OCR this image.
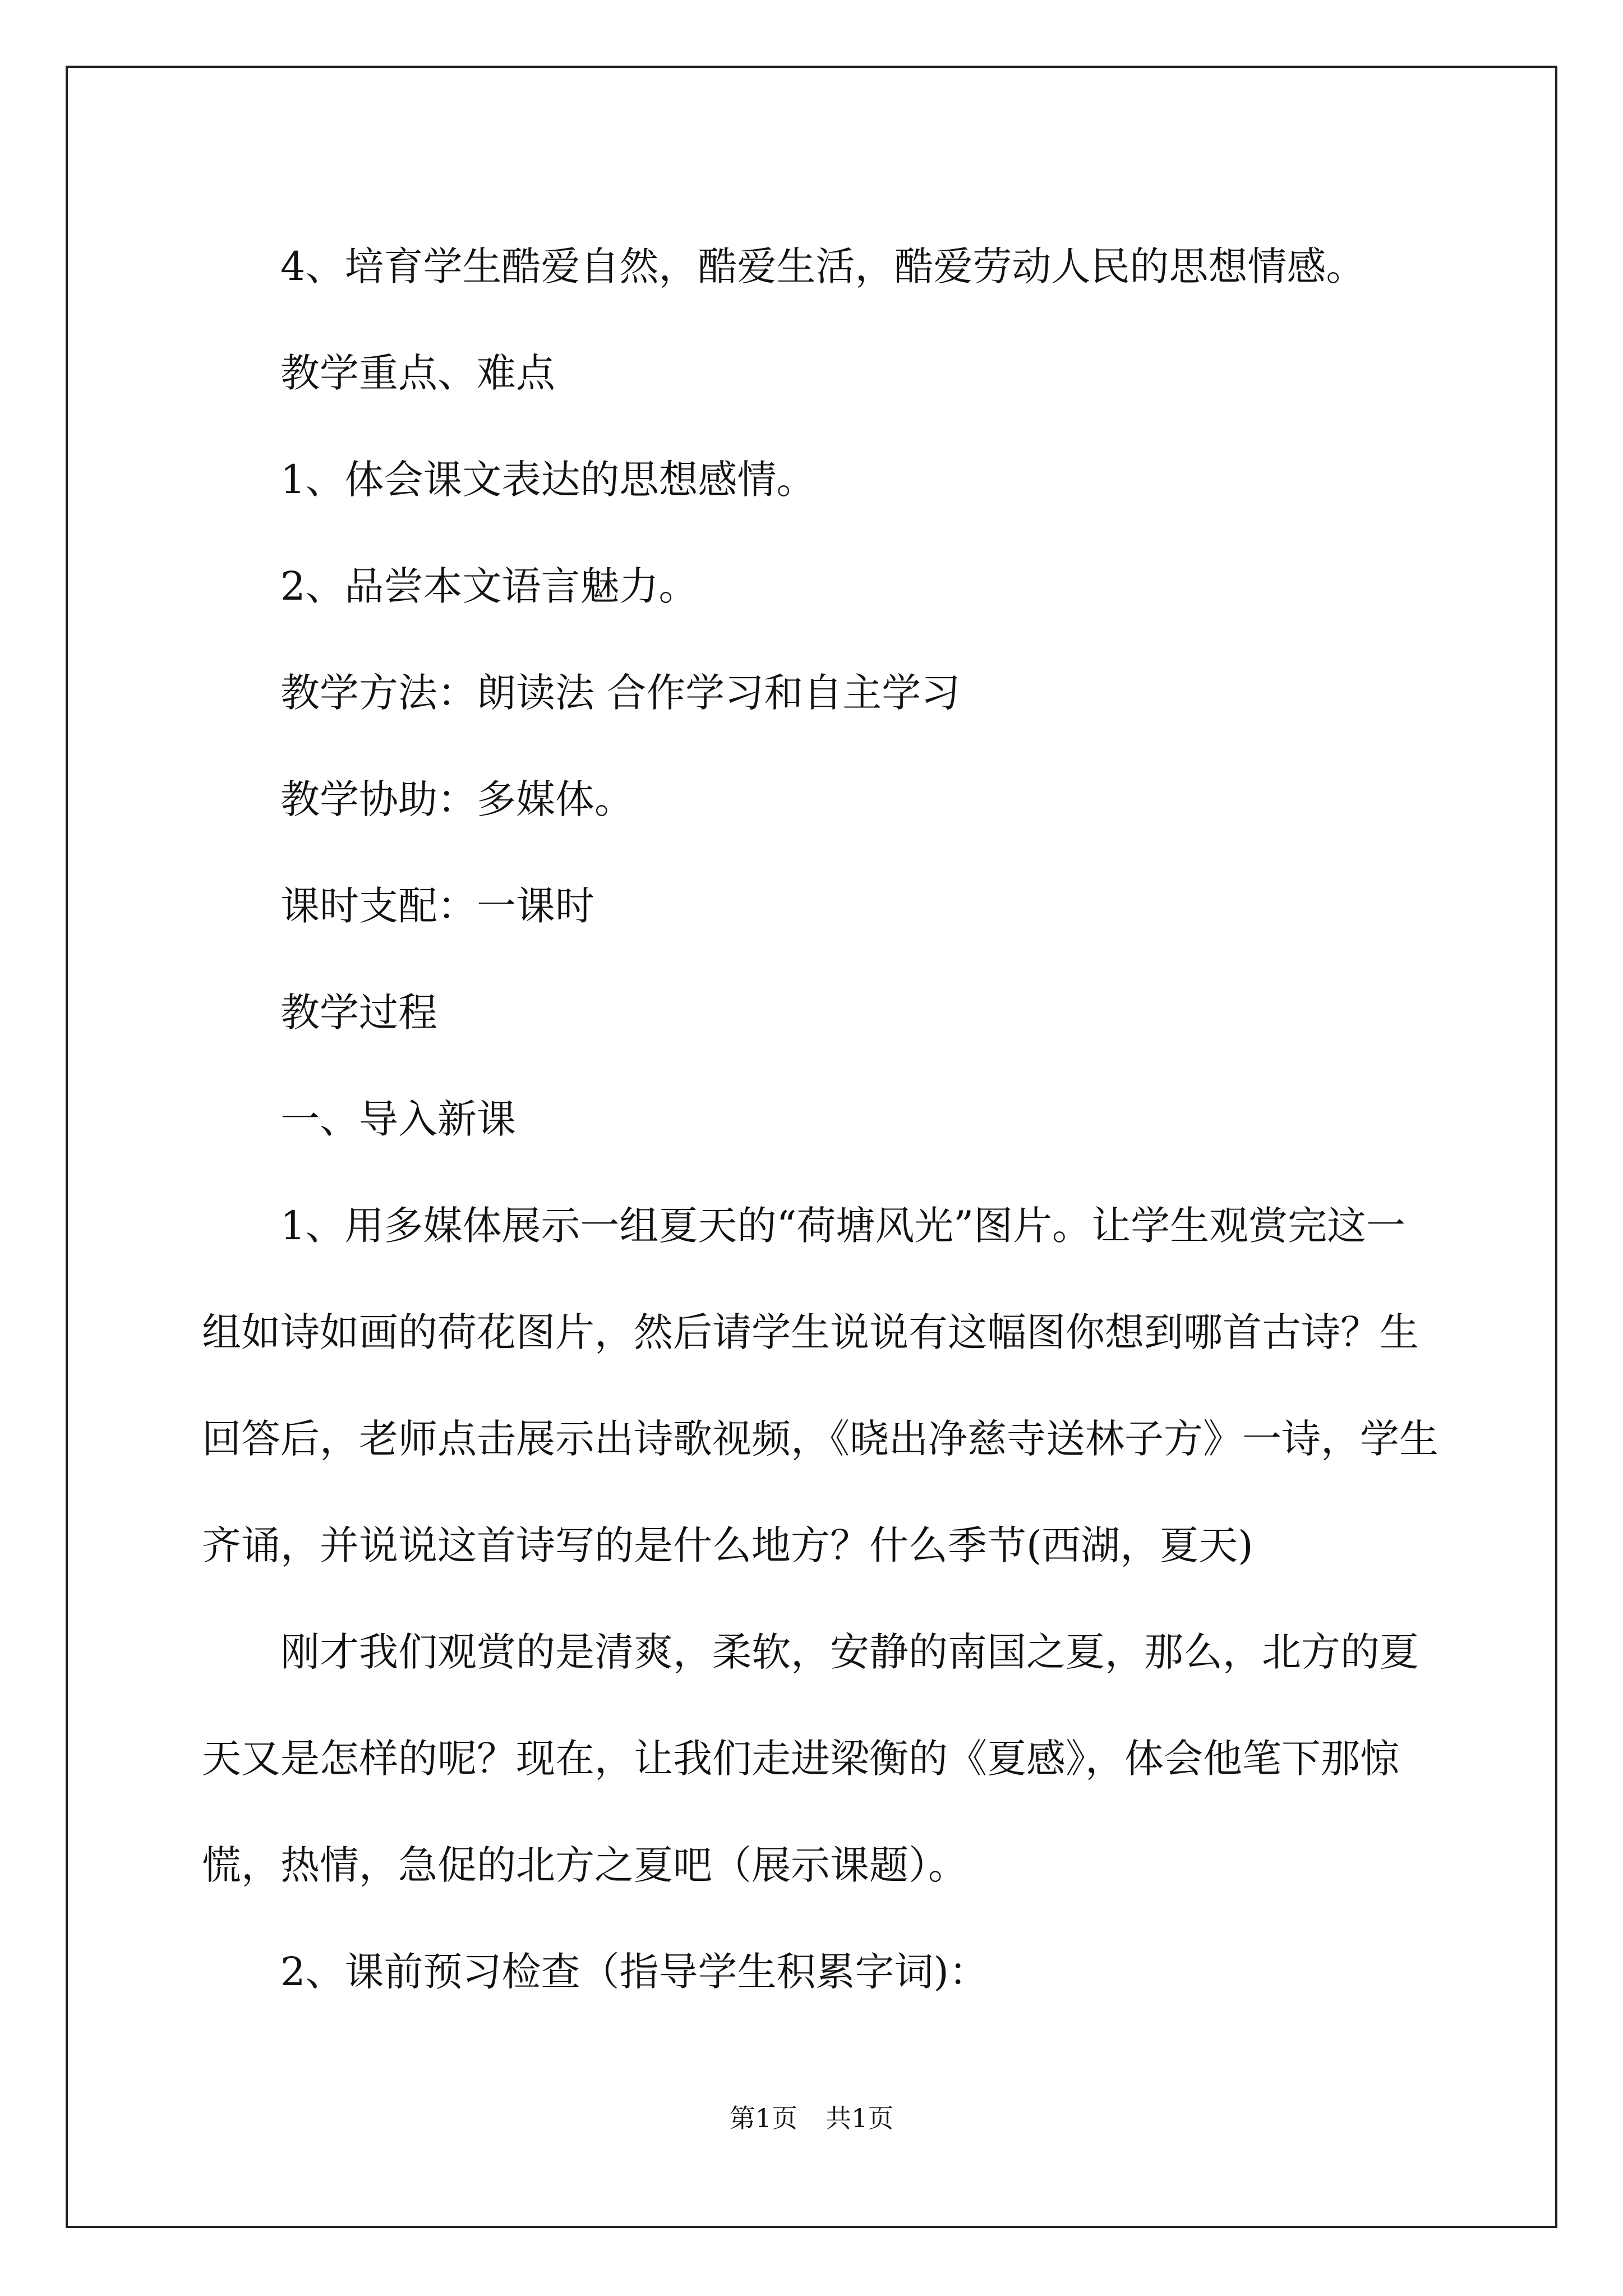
4、培育学生酷爱自然，酷爱生活，酷爱劳动人民的思想情感。

教学重点、难点

1、体会课文表达的思想感情。

2、品尝本文语言魅力。

教学方法：朗读法 合作学习和自主学习

教学协助：多媒体。

课时支配：一课时

教学过程

一、导入新课

1、用多媒体展示一组夏天的“荷塘风光”图片。让学生观赏完这一组如诗如画的荷花图片，然后请学生说说有这幅图你想到哪首古诗？生回答后，老师点击展示出诗歌视频，《晓出净慈寺送林子方》一诗，学生齐诵，并说说这首诗写的是什么地方？什么季节(西湖，夏天)

刚才我们观赏的是清爽，柔软，安静的南国之夏，那么，北方的夏天又是怎样的呢？现在，让我们走进梁衡的《夏感》，体会他笔下那惊慌，热情，急促的北方之夏吧（展示课题）。

2、课前预习检查（指导学生积累字词)：

第1页 共1页
